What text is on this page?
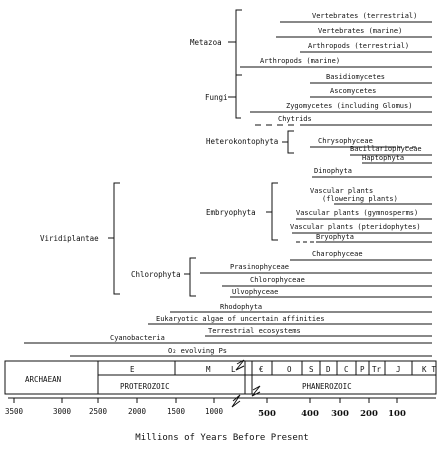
Vertebrates (terrestrial)
Vertebrates (marine)
Arthropods (terrestrial)
Arthropods (marine)
Basidiomycetes
Ascomycetes
Zygomycetes (including Glomus)
Chytrids
Chrysophyceae
Bacillariophyceae
Haptophyta
Dinophyta
Vascular plants
(flowering plants)
Vascular plants (gymnosperms)
Vascular plants (pteridophytes)
Bryophyta
Charophyceae
Prasinophyceae
Chlorophyceae
Ulvophyceae
Rhodophyta
Eukaryotic algae of uncertain affinities
Terrestrial ecosystems
Cyanobacteria
O₂ evolving Ps
Metazoa
Fungi
Heterokontophyta
Embryophyta
Viridiplantae
Chlorophyta
ARCHAEAN
PROTEROZOIC	PHANEROZOIC
E	M	L	€	O S D C P Tr J	K T
3500	3000 2500	2000	1500	1000	500	400 300 200 100
Millions of Years Before Present
